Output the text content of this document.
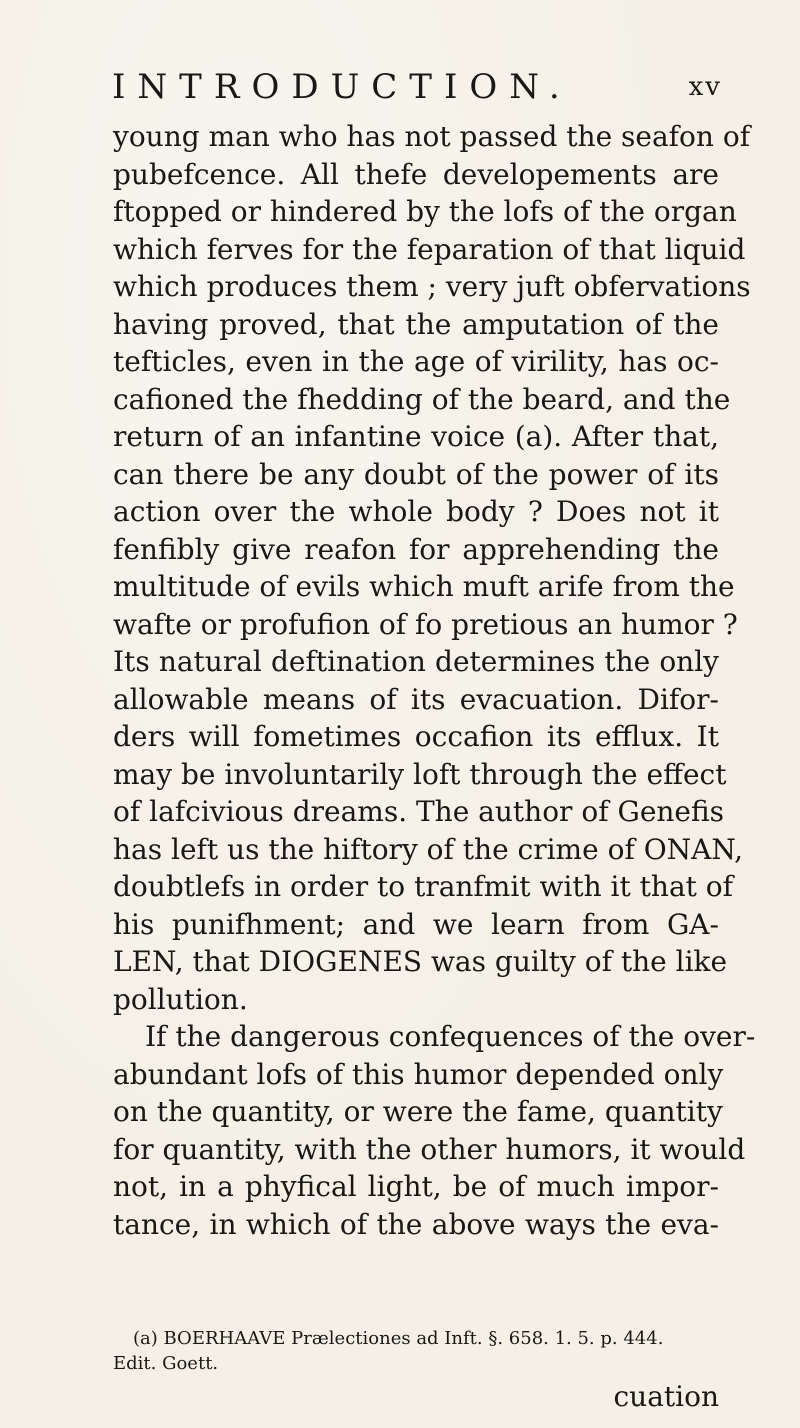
INTRODUCTION.	xv
young man who has not passed the seafon of
pubefcence. All thefe developements are
ftopped or hindered by the lofs of the organ
which ferves for the feparation of that liquid
which produces them ; very juft obfervations
having proved, that the amputation of the
tefticles, even in the age of virility, has oc-
cafioned the fhedding of the beard, and the
return of an infantine voice (a). After that,
can there be any doubt of the power of its
action over the whole body ? Does not it
fenfibly give reafon for apprehending the
multitude of evils which muft arife from the
wafte or profufion of fo pretious an humor ?
Its natural deftination determines the only
allowable means of its evacuation. Difor-
ders will fometimes occafion its efflux. It
may be involuntarily loft through the effect
of lafcivious dreams. The author of Genefis
has left us the hiftory of the crime of ONAN,
doubtlefs in order to tranfmit with it that of
his punifhment; and we learn from GA-
LEN, that DIOGENES was guilty of the like
pollution.
If the dangerous confequences of the over-
abundant lofs of this humor depended only
on the quantity, or were the fame, quantity
for quantity, with the other humors, it would
not, in a phyfical light, be of much impor-
tance, in which of the above ways the eva-
(a) BOERHAAVE Prælectiones ad Inft. §. 658. 1. 5. p. 444.
Edit. Goett.
cuation
